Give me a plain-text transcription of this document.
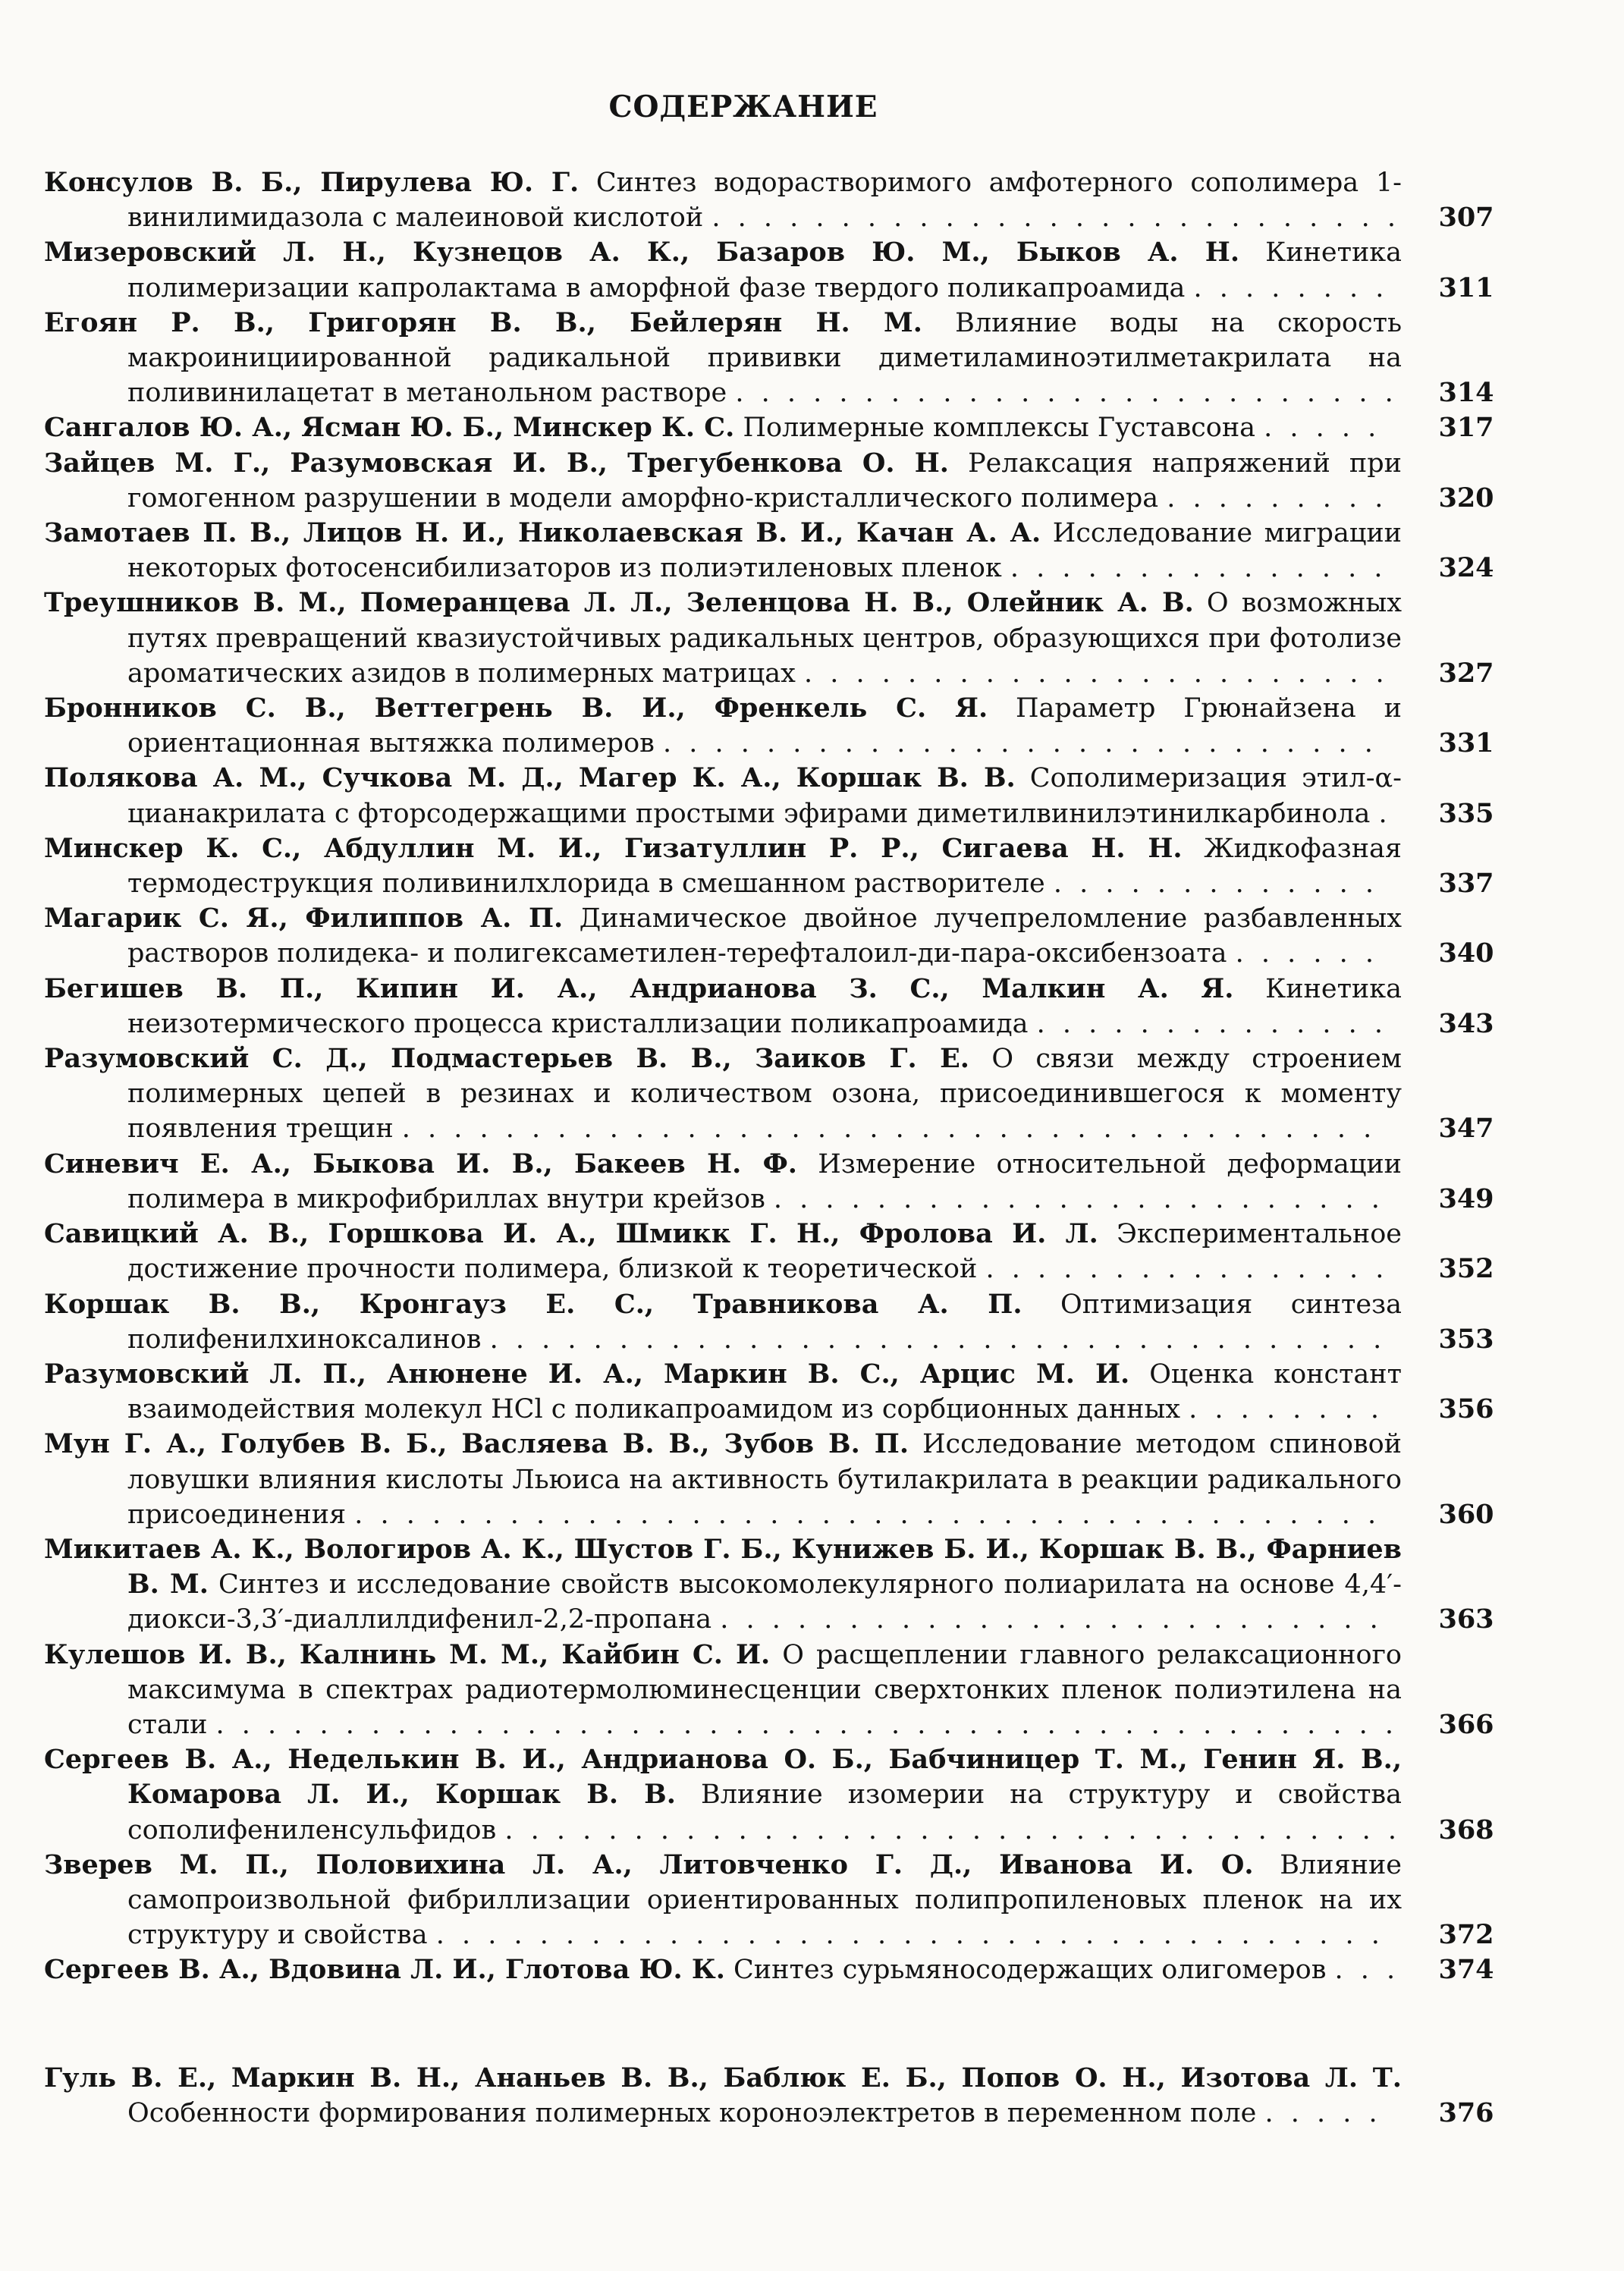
СОДЕРЖАНИЕ
Консулов В. Б., Пирулева Ю. Г. Синтез водорастворимого амфотерного сополимера 1-винилимидазола с малеиновой кислотой . . . . . . . . . . . . . . . . . . . . . . . . . . .	307
Мизеровский Л. Н., Кузнецов А. К., Базаров Ю. М., Быков А. Н. Кинетика полимеризации капролактама в аморфной фазе твердого поликапроамида . . . . . . . .	311
Егоян Р. В., Григорян В. В., Бейлерян Н. М. Влияние воды на скорость макроинициированной радикальной прививки диметиламиноэтилметакрилата на поливинилацетат в метанольном растворе . . . . . . . . . . . . . . . . . . . . . . . . . .	314
Сангалов Ю. А., Ясман Ю. Б., Минскер К. С. Полимерные комплексы Густавсона . . . . .	317
Зайцев М. Г., Разумовская И. В., Трегубенкова О. Н. Релаксация напряжений при гомогенном разрушении в модели аморфно-кристаллического полимера . . . . . . . . .	320
Замотаев П. В., Лицов Н. И., Николаевская В. И., Качан А. А. Исследование миграции некоторых фотосенсибилизаторов из полиэтиленовых пленок . . . . . . . . . . . . . . .	324
Треушников В. М., Померанцева Л. Л., Зеленцова Н. В., Олейник А. В. О возможных путях превращений квазиустойчивых радикальных центров, образующихся при фотолизе ароматических азидов в полимерных матрицах . . . . . . . . . . . . . . . . . . . . . . .	327
Бронников С. В., Веттегрень В. И., Френкель С. Я. Параметр Грюнайзена и ориентационная вытяжка полимеров . . . . . . . . . . . . . . . . . . . . . . . . . . . .	331
Полякова А. М., Сучкова М. Д., Магер К. А., Коршак В. В. Сополимеризация этил-α-цианакрилата с фторсодержащими простыми эфирами диметилвинилэтинилкарбинола .	335
Минскер К. С., Абдуллин М. И., Гизатуллин Р. Р., Сигаева Н. Н. Жидкофазная термодеструкция поливинилхлорида в смешанном растворителе . . . . . . . . . . . . .	337
Магарик С. Я., Филиппов А. П. Динамическое двойное лучепреломление разбавленных растворов полидека- и полигексаметилен-терефталоил-ди-пара-оксибензоата . . . . . .	340
Бегишев В. П., Кипин И. А., Андрианова З. С., Малкин А. Я. Кинетика неизотермического процесса кристаллизации поликапроамида . . . . . . . . . . . . . .	343
Разумовский С. Д., Подмастерьев В. В., Заиков Г. Е. О связи между строением полимерных цепей в резинах и количеством озона, присоединившегося к моменту появления трещин . . . . . . . . . . . . . . . . . . . . . . . . . . . . . . . . . . . . . .	347
Синевич Е. А., Быкова И. В., Бакеев Н. Ф. Измерение относительной деформации полимера в микрофибриллах внутри крейзов . . . . . . . . . . . . . . . . . . . . . . . .	349
Савицкий А. В., Горшкова И. А., Шмикк Г. Н., Фролова И. Л. Экспериментальное достижение прочности полимера, близкой к теоретической . . . . . . . . . . . . . . . .	352
Коршак В. В., Кронгауз Е. С., Травникова А. П. Оптимизация синтеза полифенилхиноксалинов . . . . . . . . . . . . . . . . . . . . . . . . . . . . . . . . . . .	353
Разумовский Л. П., Анюнене И. А., Маркин В. С., Арцис М. И. Оценка констант взаимодействия молекул HCl с поликапроамидом из сорбционных данных . . . . . . . .	356
Мун Г. А., Голубев В. Б., Васляева В. В., Зубов В. П. Исследование методом спиновой ловушки влияния кислоты Льюиса на активность бутилакрилата в реакции радикального присоединения . . . . . . . . . . . . . . . . . . . . . . . . . . . . . . . . . . . . . . . .	360
Микитаев А. К., Вологиров А. К., Шустов Г. Б., Кунижев Б. И., Коршак В. В., Фарниев В. М. Синтез и исследование свойств высокомолекулярного полиарилата на основе 4,4′-диокси-3,3′-диаллилдифенил-2,2-пропана . . . . . . . . . . . . . . . . . . . . . . . . . .	363
Кулешов И. В., Калнинь М. М., Кайбин С. И. О расщеплении главного релаксационного максимума в спектрах радиотермолюминесценции сверхтонких пленок полиэтилена на стали . . . . . . . . . . . . . . . . . . . . . . . . . . . . . . . . . . . . . . . . . . . . . .	366
Сергеев В. А., Неделькин В. И., Андрианова О. Б., Бабчиницер Т. М., Генин Я. В., Комарова Л. И., Коршак В. В. Влияние изомерии на структуру и свойства сополифениленсульфидов . . . . . . . . . . . . . . . . . . . . . . . . . . . . . . . . . . .	368
Зверев М. П., Половихина Л. А., Литовченко Г. Д., Иванова И. О. Влияние самопроизвольной фибриллизации ориентированных полипропиленовых пленок на их структуру и свойства . . . . . . . . . . . . . . . . . . . . . . . . . . . . . . . . . . . . .	372
Сергеев В. А., Вдовина Л. И., Глотова Ю. К. Синтез сурьмяносодержащих олигомеров . . .	374
Гуль В. Е., Маркин В. Н., Ананьев В. В., Баблюк Е. Б., Попов О. Н., Изотова Л. Т. Особенности формирования полимерных короноэлектретов в переменном поле . . . . .	376
